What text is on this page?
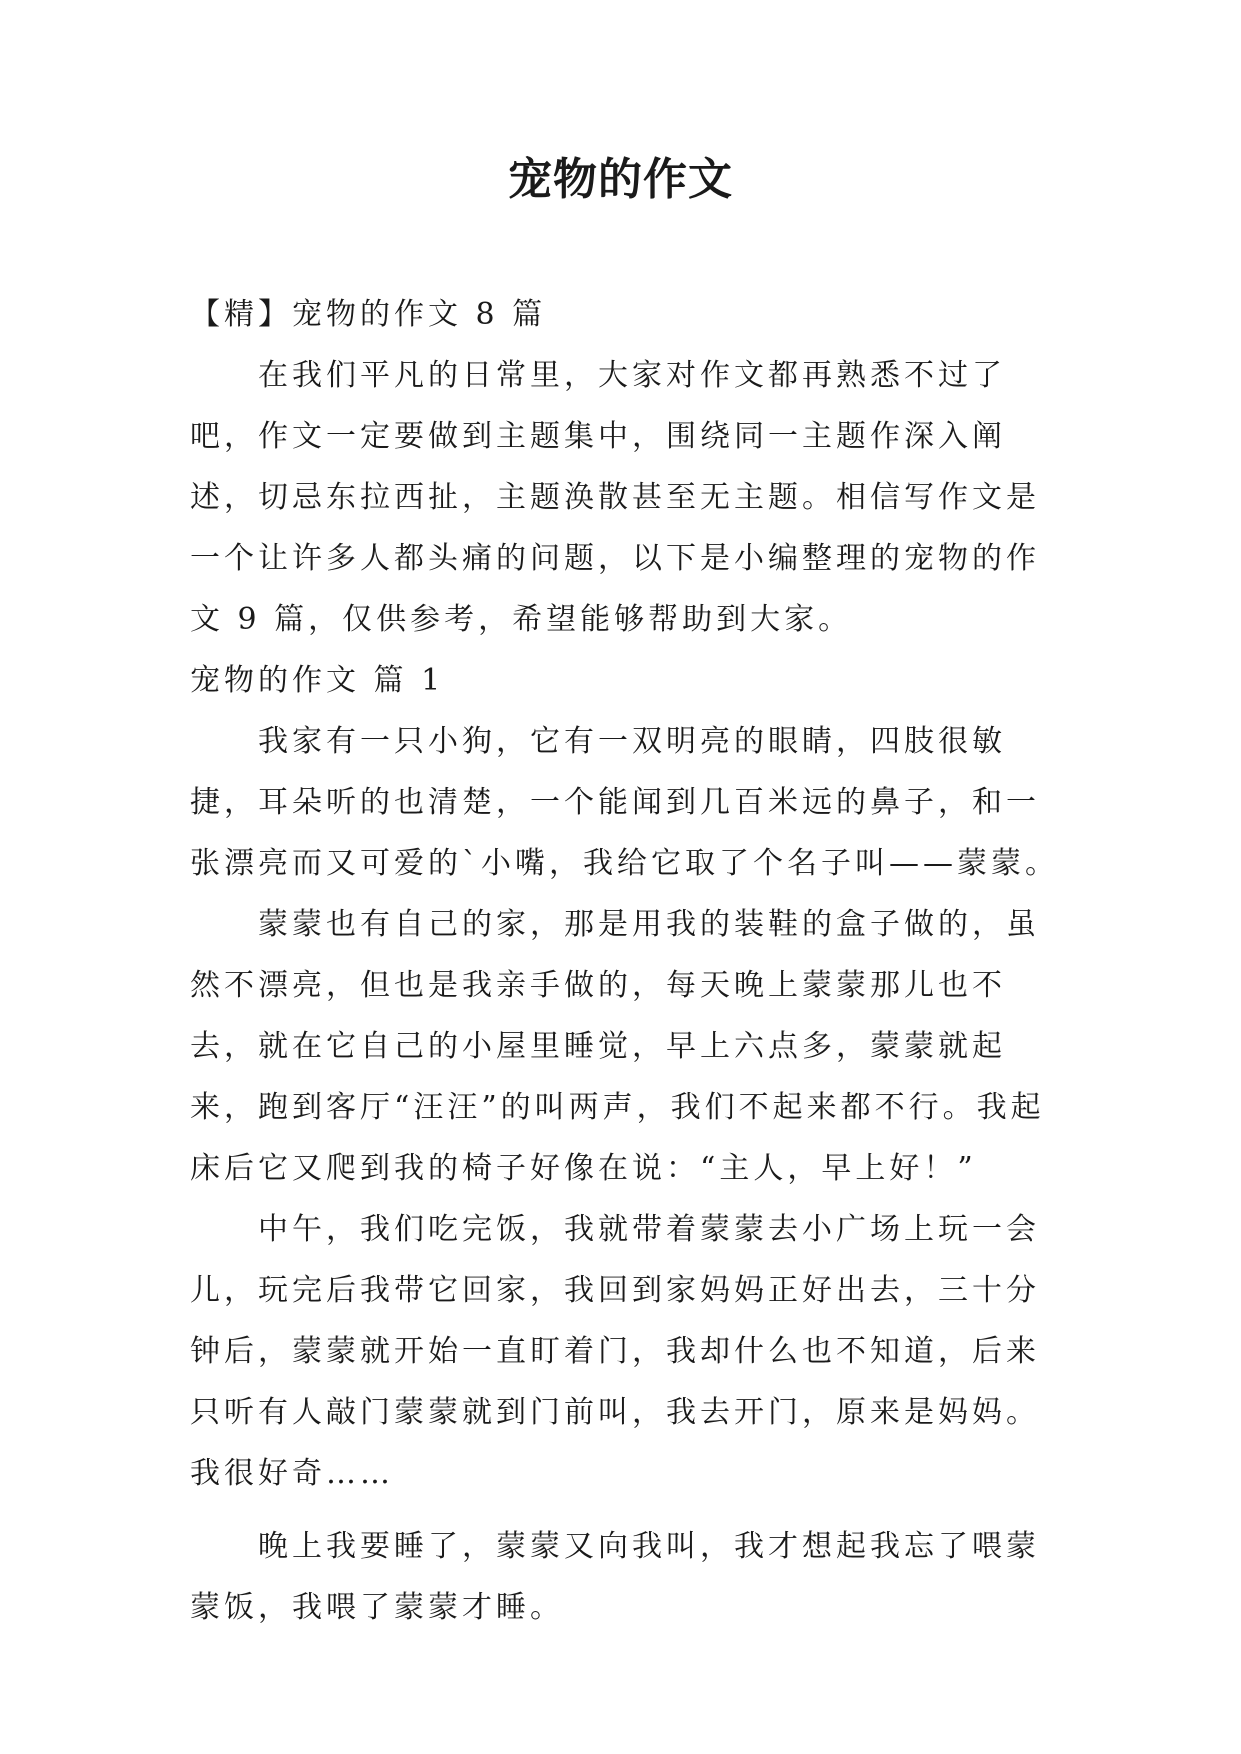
宠物的作文

【精】宠物的作文 8 篇

在我们平凡的日常里，大家对作文都再熟悉不过了吧，作文一定要做到主题集中，围绕同一主题作深入阐述，切忌东拉西扯，主题涣散甚至无主题。相信写作文是一个让许多人都头痛的问题，以下是小编整理的宠物的作文 9 篇，仅供参考，希望能够帮助到大家。

宠物的作文 篇 1

我家有一只小狗，它有一双明亮的眼睛，四肢很敏捷，耳朵听的也清楚，一个能闻到几百米远的鼻子，和一张漂亮而又可爱的`小嘴，我给它取了个名子叫——蒙蒙。

蒙蒙也有自己的家，那是用我的装鞋的盒子做的，虽然不漂亮，但也是我亲手做的，每天晚上蒙蒙那儿也不去，就在它自己的小屋里睡觉，早上六点多，蒙蒙就起来，跑到客厅“汪汪”的叫两声，我们不起来都不行。我起床后它又爬到我的椅子好像在说：“主人，早上好！”

中午，我们吃完饭，我就带着蒙蒙去小广场上玩一会儿，玩完后我带它回家，我回到家妈妈正好出去，三十分钟后，蒙蒙就开始一直盯着门，我却什么也不知道，后来只听有人敲门蒙蒙就到门前叫，我去开门，原来是妈妈。我很好奇……

晚上我要睡了，蒙蒙又向我叫，我才想起我忘了喂蒙蒙饭，我喂了蒙蒙才睡。
